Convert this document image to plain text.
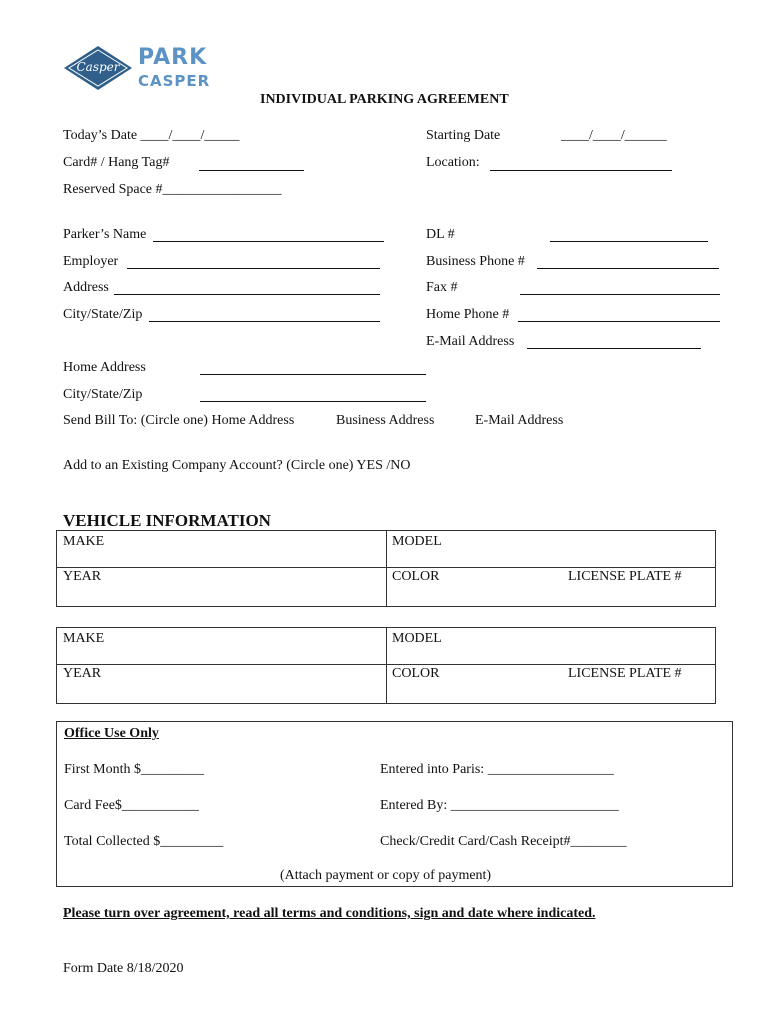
Casper PARK
CASPER
INDIVIDUAL PARKING AGREEMENT
Today’s Date ____/____/_____	Starting Date	____/____/______
Card# / Hang Tag#	Location:
Reserved Space #_________________
Parker’s Name	DL #
Employer	Business Phone #
Address	Fax #
City/State/Zip	Home Phone #
E-Mail Address
Home Address
City/State/Zip
Send Bill To: (Circle one) Home Address	Business Address	E-Mail Address
Add to an Existing Company Account? (Circle one) YES /NO
VEHICLE INFORMATION
MAKE	MODEL
YEAR	COLOR	LICENSE PLATE #
MAKE	MODEL
YEAR	COLOR	LICENSE PLATE #
Office Use Only
First Month $_________	Entered into Paris: __________________
Card Fee$___________	Entered By: ________________________
Total Collected $_________	Check/Credit Card/Cash Receipt#________
(Attach payment or copy of payment)
Please turn over agreement, read all terms and conditions, sign and date where indicated.
Form Date 8/18/2020
